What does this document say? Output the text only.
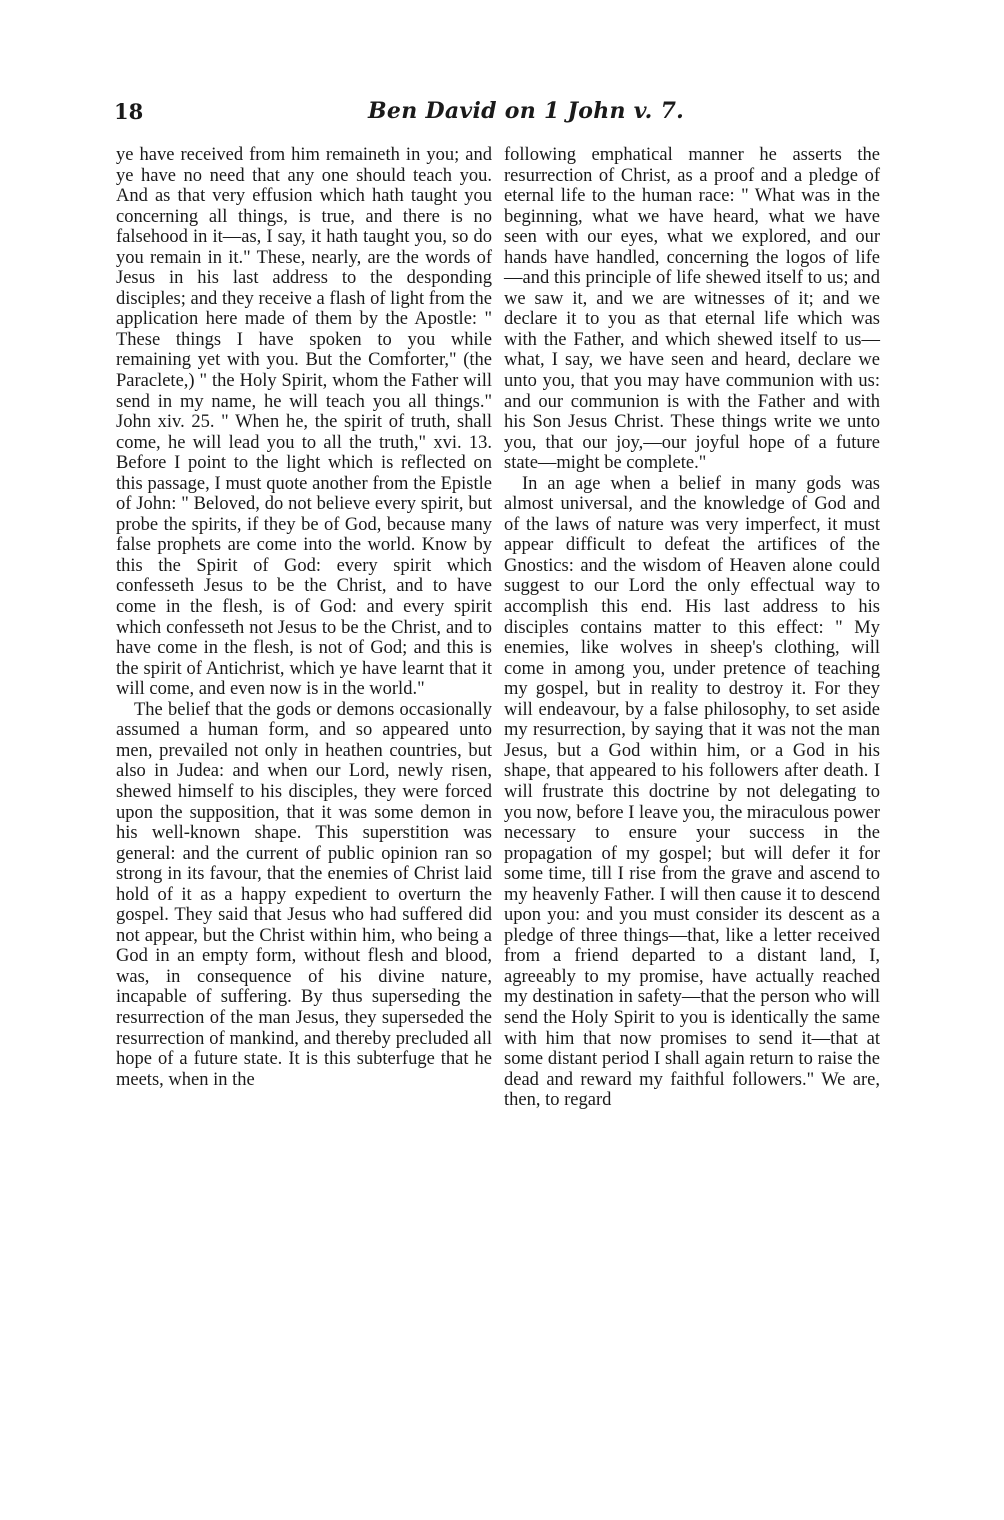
18	Ben David on 1 John v. 7.

ye have received from him remaineth in you; and ye have no need that any one should teach you. And as that very effusion which hath taught you concerning all things, is true, and there is no falsehood in it—as, I say, it hath taught you, so do you remain in it." These, nearly, are the words of Jesus in his last address to the desponding disciples; and they receive a flash of light from the application here made of them by the Apostle: " These things I have spoken to you while remaining yet with you. But the Comforter," (the Paraclete,) " the Holy Spirit, whom the Father will send in my name, he will teach you all things." John xiv. 25. " When he, the spirit of truth, shall come, he will lead you to all the truth," xvi. 13. Before I point to the light which is reflected on this passage, I must quote another from the Epistle of John: " Beloved, do not believe every spirit, but probe the spirits, if they be of God, because many false prophets are come into the world. Know by this the Spirit of God: every spirit which confesseth Jesus to be the Christ, and to have come in the flesh, is of God: and every spirit which confesseth not Jesus to be the Christ, and to have come in the flesh, is not of God; and this is the spirit of Antichrist, which ye have learnt that it will come, and even now is in the world."

The belief that the gods or demons occasionally assumed a human form, and so appeared unto men, prevailed not only in heathen countries, but also in Judea: and when our Lord, newly risen, shewed himself to his disciples, they were forced upon the supposition, that it was some demon in his well-known shape. This superstition was general: and the current of public opinion ran so strong in its favour, that the enemies of Christ laid hold of it as a happy expedient to overturn the gospel. They said that Jesus who had suffered did not appear, but the Christ within him, who being a God in an empty form, without flesh and blood, was, in consequence of his divine nature, incapable of suffering. By thus superseding the resurrection of the man Jesus, they superseded the resurrection of mankind, and thereby precluded all hope of a future state. It is this subterfuge that he meets, when in the

following emphatical manner he asserts the resurrection of Christ, as a proof and a pledge of eternal life to the human race: " What was in the beginning, what we have heard, what we have seen with our eyes, what we explored, and our hands have handled, concerning the logos of life—and this principle of life shewed itself to us; and we saw it, and we are witnesses of it; and we declare it to you as that eternal life which was with the Father, and which shewed itself to us—what, I say, we have seen and heard, declare we unto you, that you may have communion with us: and our communion is with the Father and with his Son Jesus Christ. These things write we unto you, that our joy,—our joyful hope of a future state—might be complete."

In an age when a belief in many gods was almost universal, and the knowledge of God and of the laws of nature was very imperfect, it must appear difficult to defeat the artifices of the Gnostics: and the wisdom of Heaven alone could suggest to our Lord the only effectual way to accomplish this end. His last address to his disciples contains matter to this effect: " My enemies, like wolves in sheep's clothing, will come in among you, under pretence of teaching my gospel, but in reality to destroy it. For they will endeavour, by a false philosophy, to set aside my resurrection, by saying that it was not the man Jesus, but a God within him, or a God in his shape, that appeared to his followers after death. I will frustrate this doctrine by not delegating to you now, before I leave you, the miraculous power necessary to ensure your success in the propagation of my gospel; but will defer it for some time, till I rise from the grave and ascend to my heavenly Father. I will then cause it to descend upon you: and you must consider its descent as a pledge of three things—that, like a letter received from a friend departed to a distant land, I, agreeably to my promise, have actually reached my destination in safety—that the person who will send the Holy Spirit to you is identically the same with him that now promises to send it—that at some distant period I shall again return to raise the dead and reward my faithful followers." We are, then, to regard
